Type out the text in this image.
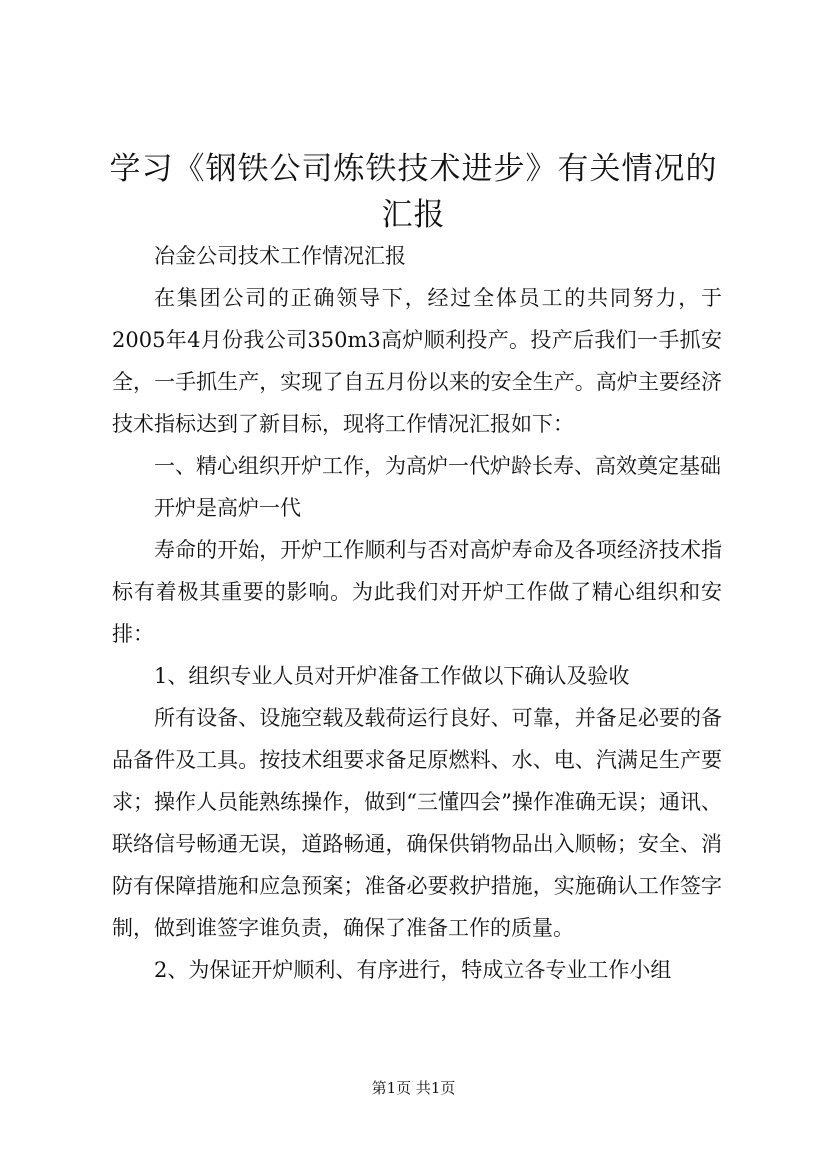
学习《钢铁公司炼铁技术进步》有关情况的汇报

冶金公司技术工作情况汇报

在集团公司的正确领导下，经过全体员工的共同努力，于2005年4月份我公司350m3高炉顺利投产。投产后我们一手抓安全，一手抓生产，实现了自五月份以来的安全生产。高炉主要经济技术指标达到了新目标，现将工作情况汇报如下：

一、精心组织开炉工作，为高炉一代炉龄长寿、高效奠定基础

开炉是高炉一代

寿命的开始，开炉工作顺利与否对高炉寿命及各项经济技术指标有着极其重要的影响。为此我们对开炉工作做了精心组织和安排：

1、组织专业人员对开炉准备工作做以下确认及验收

所有设备、设施空载及载荷运行良好、可靠，并备足必要的备品备件及工具。按技术组要求备足原燃料、水、电、汽满足生产要求；操作人员能熟练操作，做到“三懂四会”操作准确无误；通讯、联络信号畅通无误，道路畅通，确保供销物品出入顺畅；安全、消防有保障措施和应急预案；准备必要救护措施，实施确认工作签字制，做到谁签字谁负责，确保了准备工作的质量。

2、为保证开炉顺利、有序进行，特成立各专业工作小组

第1页 共1页
